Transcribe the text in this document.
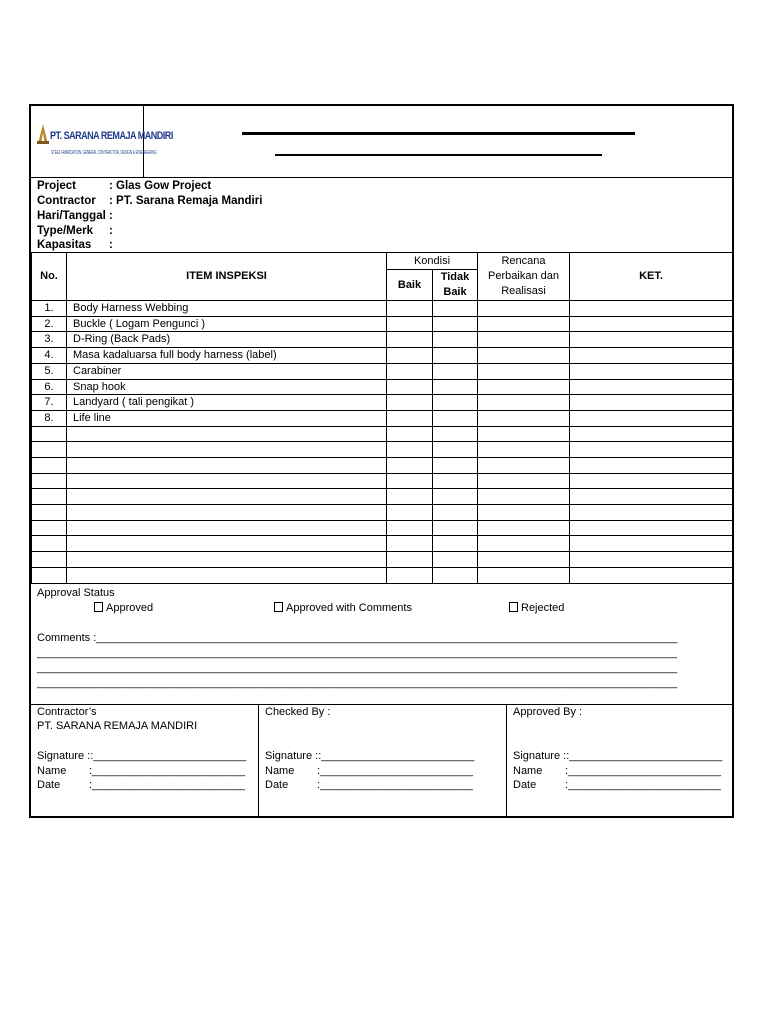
PT. SARANA REMAJA MANDIRI
STEEL FABRICATION, GENERAL CONTRACTOR, DESIGN & ENGINEERING
Project	: Glas Gow Project
Contractor : PT. Sarana Remaja Mandiri
Hari/Tanggal :
Type/Merk :
Kapasitas :
No.	ITEM INSPEKSI	Kondisi		Rencana Perbaikan dan Realisasi	KET.
		Baik	Tidak Baik		
1.	Body Harness Webbing				
2.	Buckle ( Logam Pengunci )				
3.	D-Ring (Back Pads)				
4.	Masa kadaluarsa full body harness (label)				
5.	Carabiner				
6.	Snap hook				
7.	Landyard ( tali pengikat )				
8.	Life line				

Approval Status
Approved	Approved with Comments	Rejected
Comments :_______________________________________________________________________________________________
_____________________________________________________________________________________________________________
_____________________________________________________________________________________________________________
_____________________________________________________________________________________________________________
Contractor’s
PT. SARANA REMAJA MANDIRI
Signature ::_________________________
Name :_________________________
Date	:_________________________
Checked By :
Signature ::_________________________
Name :_________________________
Date	:_________________________
Approved By :
Signature ::_________________________
Name :_________________________
Date	:_________________________
